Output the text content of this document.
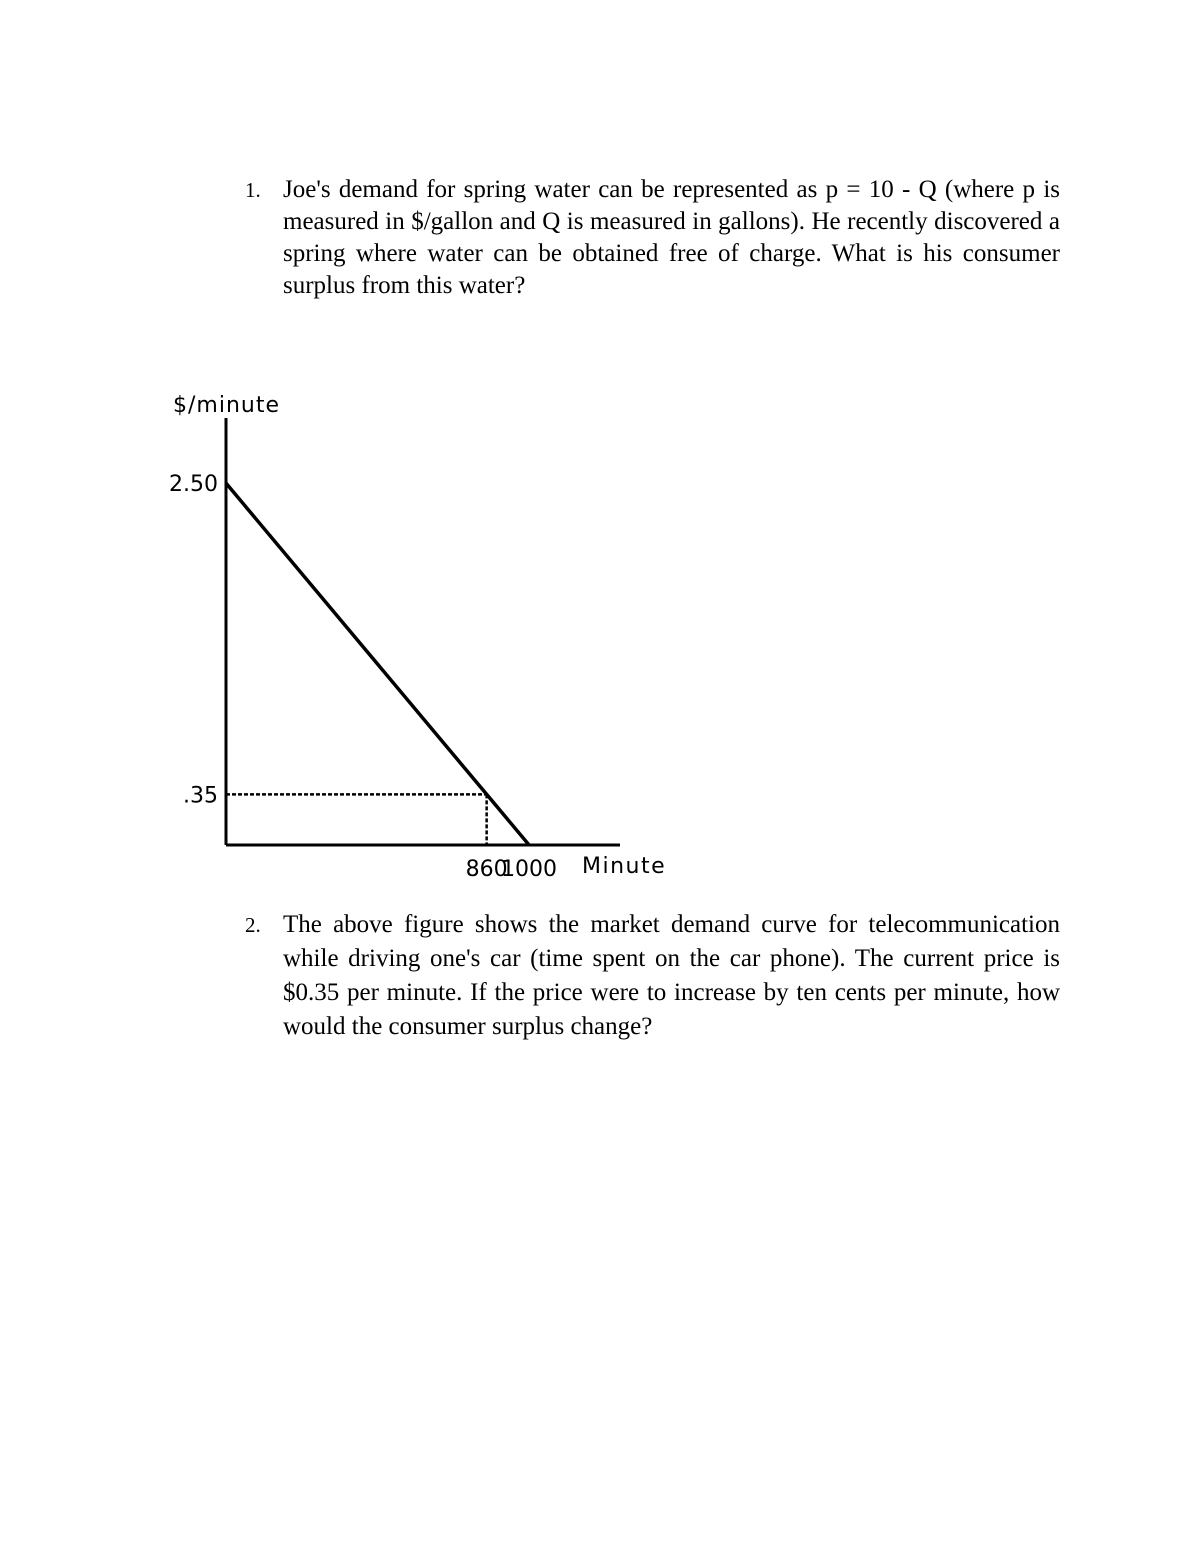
1. Joe's demand for spring water can be represented as p = 10 - Q (where p is measured in $/gallon and Q is measured in gallons). He recently discovered a spring where water can be obtained free of charge. What is his consumer surplus from this water?
$/minute
2.50
.35
860
1000 Minute
2. The above figure shows the market demand curve for telecommunication while driving one's car (time spent on the car phone). The current price is $0.35 per minute. If the price were to increase by ten cents per minute, how would the consumer surplus change?
